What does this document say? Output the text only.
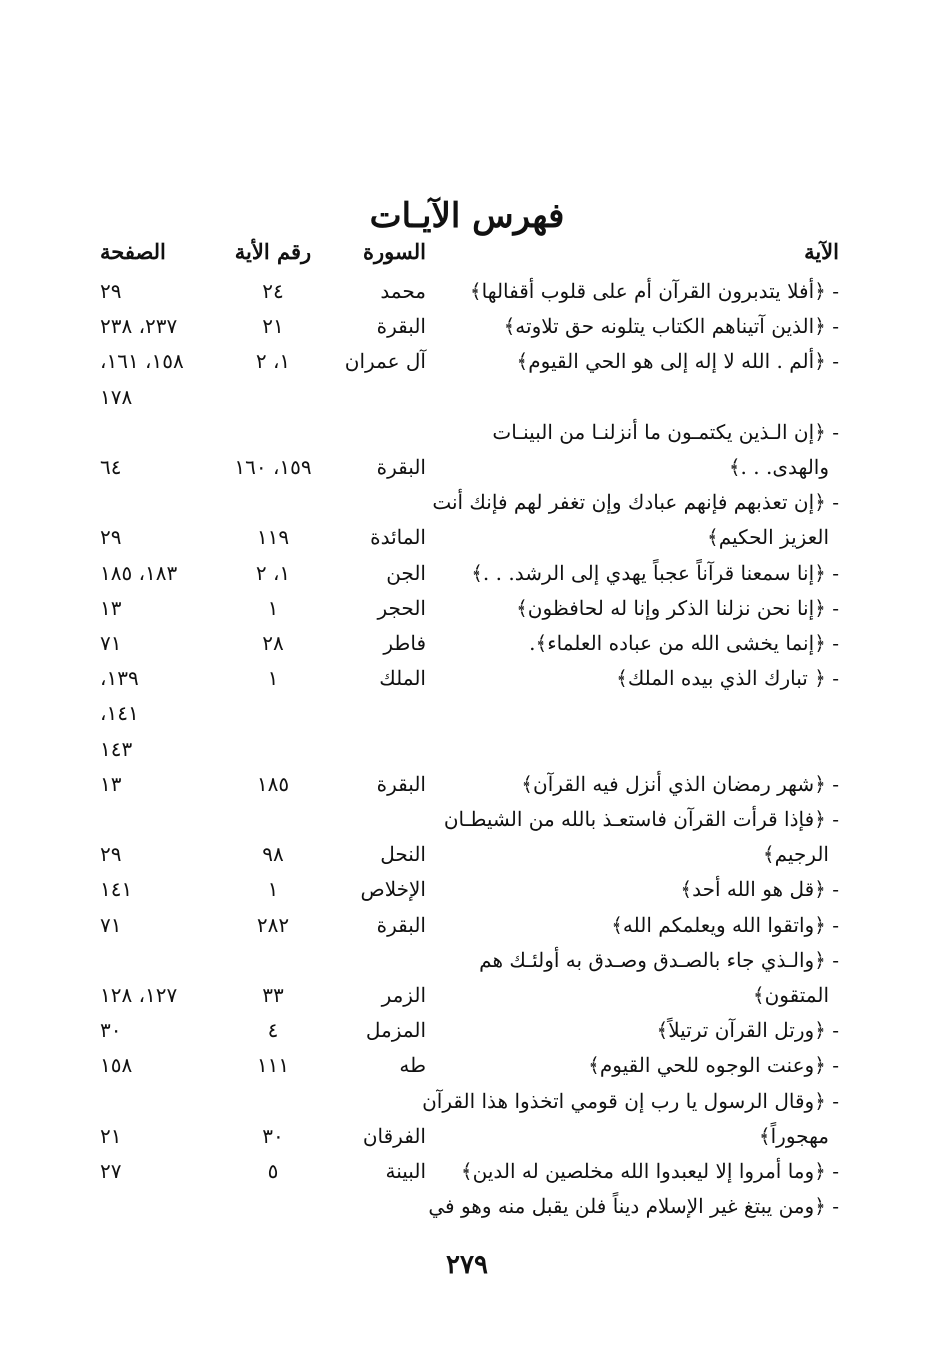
فهرس الآيـات
الآية
السورة
رقم الأية
الصفحة
- ﴿أفلا يتدبرون القرآن أم على قلوب أقفالها﴾
محمد
٢٤
٢٩
- ﴿الذين آتيناهم الكتاب يتلونه حق تلاوته﴾
البقرة
٢١
٢٣٧، ٢٣٨
- ﴿ألم . الله لا إله إلى هو الحي القيوم﴾
آل عمران
١، ٢
١٥٨، ١٦١،
١٧٨
- ﴿إن الـذين يكتمـون ما أنزلنـا من البينـات
والهدى. . .﴾
البقرة
١٥٩، ١٦٠
٦٤
- ﴿إن تعذبهم فإنهم عبادك وإن تغفر لهم فإنك أنت
العزيز الحكيم﴾
المائدة
١١٩
٢٩
- ﴿إنا سمعنا قرآناً عجباً يهدي إلى الرشد. . .﴾
الجن
١، ٢
١٨٣، ١٨٥
- ﴿إنا نحن نزلنا الذكر وإنا له لحافظون﴾
الحجر
١
١٣
- ﴿إنما يخشى الله من عباده العلماء﴾.
فاطر
٢٨
٧١
- ﴿ تبارك الذي بيده الملك﴾
الملك
١
١٣٩،
١٤١،
١٤٣
- ﴿شهر رمضان الذي أنزل فيه القرآن﴾
البقرة
١٨٥
١٣
- ﴿فإذا قرأت القرآن فاستعـذ بالله من الشيطـان
الرجيم﴾
النحل
٩٨
٢٩
- ﴿قل هو الله أحد﴾
الإخلاص
١
١٤١
- ﴿واتقوا الله ويعلمكم الله﴾
البقرة
٢٨٢
٧١
- ﴿والـذي جاء بالصـدق وصـدق به أولئـك هم
المتقون﴾
الزمر
٣٣
١٢٧، ١٢٨
- ﴿ورتل القرآن ترتيلاً﴾
المزمل
٤
٣٠
- ﴿وعنت الوجوه للحي القيوم﴾
طه
١١١
١٥٨
- ﴿وقال الرسول يا رب إن قومي اتخذوا هذا القرآن
مهجوراً﴾
الفرقان
٣٠
٢١
- ﴿وما أمروا إلا ليعبدوا الله مخلصين له الدين﴾
البينة
٥
٢٧
- ﴿ومن يبتغ غير الإسلام ديناً فلن يقبل منه وهو في
٢٧٩
